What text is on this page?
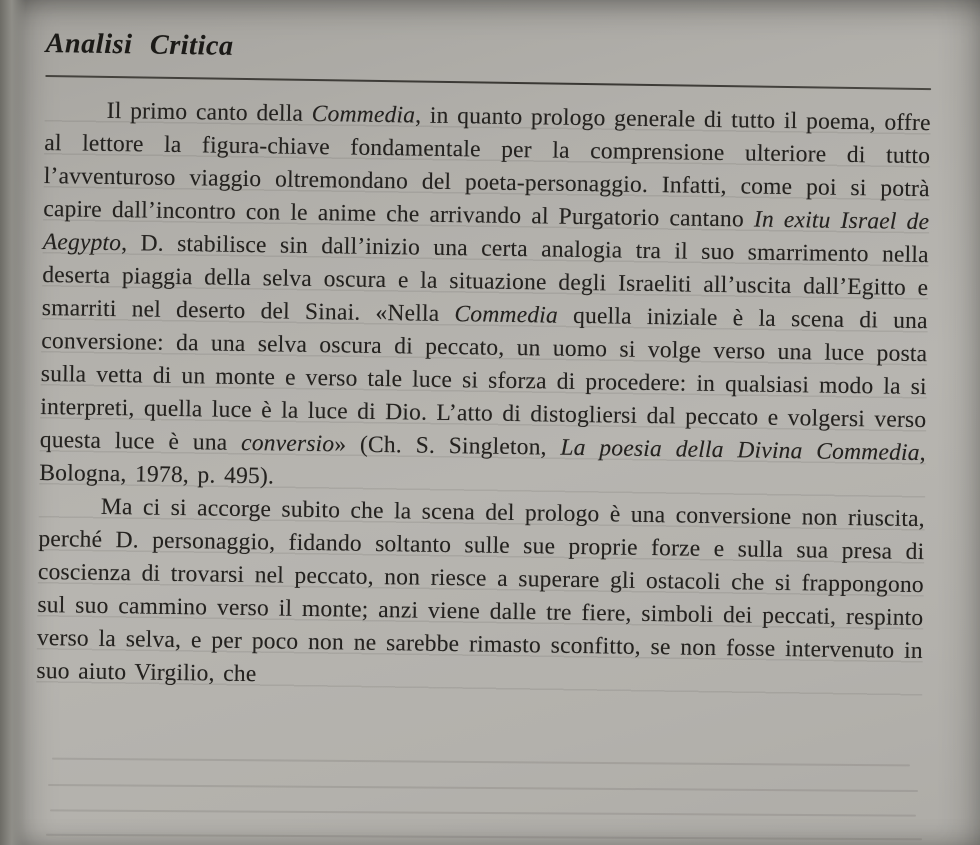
Analisi Critica

Il primo canto della Commedia, in quanto prologo generale di tutto il poema, offre al lettore la figura-chiave fondamentale per la comprensione ulteriore di tutto l’avventuroso viaggio oltremondano del poeta-personaggio. Infatti, come poi si potrà capire dall’incontro con le anime che arrivando al Purgatorio cantano In exitu Israel de Aegypto, D. stabilisce sin dall’inizio una certa analogia tra il suo smarrimento nella deserta piaggia della selva oscura e la situazione degli Israeliti all’uscita dall’Egitto e smarriti nel deserto del Sinai. «Nella Commedia quella iniziale è la scena di una conversione: da una selva oscura di peccato, un uomo si volge verso una luce posta sulla vetta di un monte e verso tale luce si sforza di procedere: in qualsiasi modo la si interpreti, quella luce è la luce di Dio. L’atto di distogliersi dal peccato e volgersi verso questa luce è una conversio» (Ch. S. Singleton, La poesia della Divina Commedia, Bologna, 1978, p. 495).

Ma ci si accorge subito che la scena del prologo è una conversione non riuscita, perché D. personaggio, fidando soltanto sulle sue proprie forze e sulla sua presa di coscienza di trovarsi nel peccato, non riesce a superare gli ostacoli che si frappongono sul suo cammino verso il monte; anzi viene dalle tre fiere, simboli dei peccati, respinto verso la selva, e per poco non ne sarebbe rimasto sconfitto, se non fosse intervenuto in suo aiuto Virgilio, che
